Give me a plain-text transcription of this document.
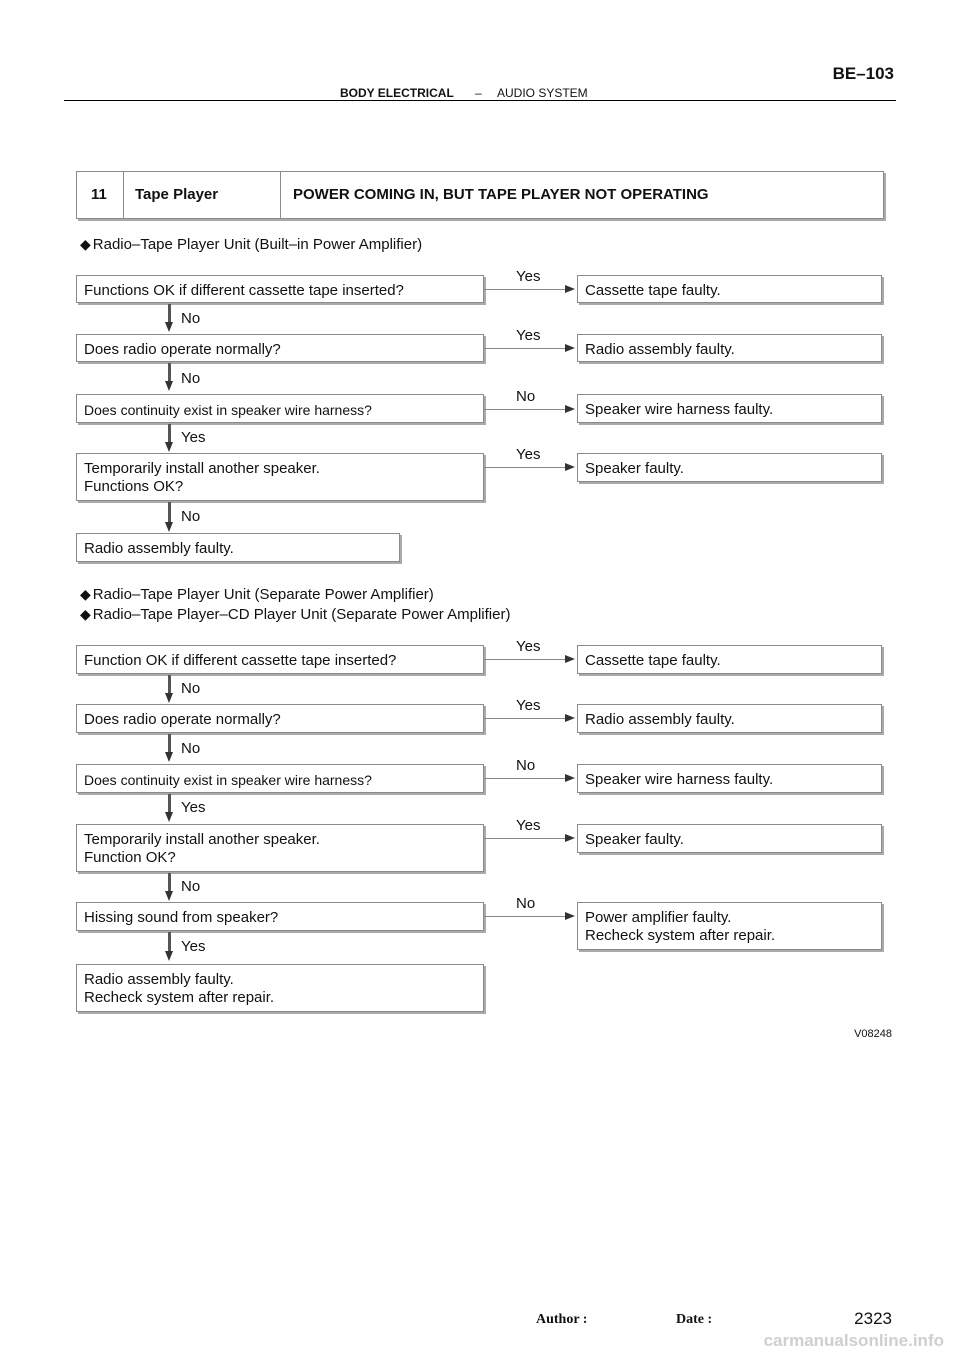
BE–103
BODY ELECTRICAL – AUDIO SYSTEM
11 Tape Player	POWER COMING IN, BUT TAPE PLAYER NOT OPERATING
◆ Radio–Tape Player Unit (Built–in Power Amplifier)
Functions OK if different cassette tape inserted?
Yes
Cassette tape faulty.
No
Does radio operate normally?
Yes
Radio assembly faulty.
No
Does continuity exist in speaker wire harness?
No
Speaker wire harness faulty.
Yes
Temporarily install another speaker.
Functions OK?
Yes
Speaker faulty.
No
Radio assembly faulty.
◆ Radio–Tape Player Unit (Separate Power Amplifier)
◆ Radio–Tape Player–CD Player Unit (Separate Power Amplifier)
Function OK if different cassette tape inserted?
Yes
Cassette tape faulty.
No
Does radio operate normally?
Yes
Radio assembly faulty.
No
Does continuity exist in speaker wire harness?
No
Speaker wire harness faulty.
Yes
Temporarily install another speaker.
Function OK?
Yes
Speaker faulty.
No
Hissing sound from speaker?
No
Power amplifier faulty.
Recheck system after repair.
Yes
Radio assembly faulty.
Recheck system after repair.
V08248
Author :	Date :	2323
carmanualsonline.info
